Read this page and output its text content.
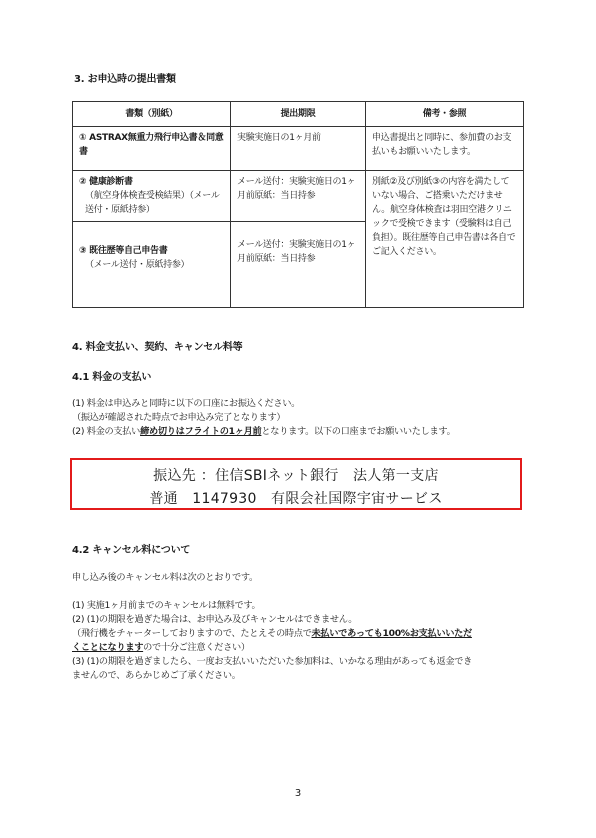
3. お申込時の提出書類
書類（別紙）	提出期限	備考・参照

① ASTRAX無重力飛行申込書＆同意書	実験実施日の1ヶ月前	申込書提出と同時に、参加費のお支払いもお願いいたします。

② 健康診断書
（航空身体検査受検結果）（メール送付・原紙持参）	メール送付：実験実施日の1ヶ月前原紙：当日持参	別紙②及び別紙③の内容を満たしていない場合、ご搭乗いただけません。航空身体検査は羽田空港クリニックで受検できます（受験料は自己負担）。既往歴等自己申告書は各自でご記入ください。

③ 既往歴等自己申告書
（メール送付・原紙持参）	メール送付：実験実施日の1ヶ月前原紙：当日持参	
4. 料金支払い、契約、キャンセル料等
4.1 料金の支払い
(1) 料金は申込みと同時に以下の口座にお振込ください。
（振込が確認された時点でお申込み完了となります）
(2) 料金の支払い締め切りはフライトの1ヶ月前となります。以下の口座までお願いいたします。
振込先 ：住信SBIネット銀行　法人第一支店
普通　1147930　有限会社国際宇宙サービス
4.2 キャンセル料について
申し込み後のキャンセル料は次のとおりです。
(1) 実施1ヶ月前までのキャンセルは無料です。
(2) (1)の期限を過ぎた場合は、お申込み及びキャンセルはできません。
（飛行機をチャーターしておりますので、たとえその時点で未払いであっても100%お支払いいただ
くことになりますので十分ご注意ください）
(3) (1)の期限を過ぎましたら、一度お支払いいただいた参加料は、いかなる理由があっても返金でき
ませんので、あらかじめご了承ください。
3
